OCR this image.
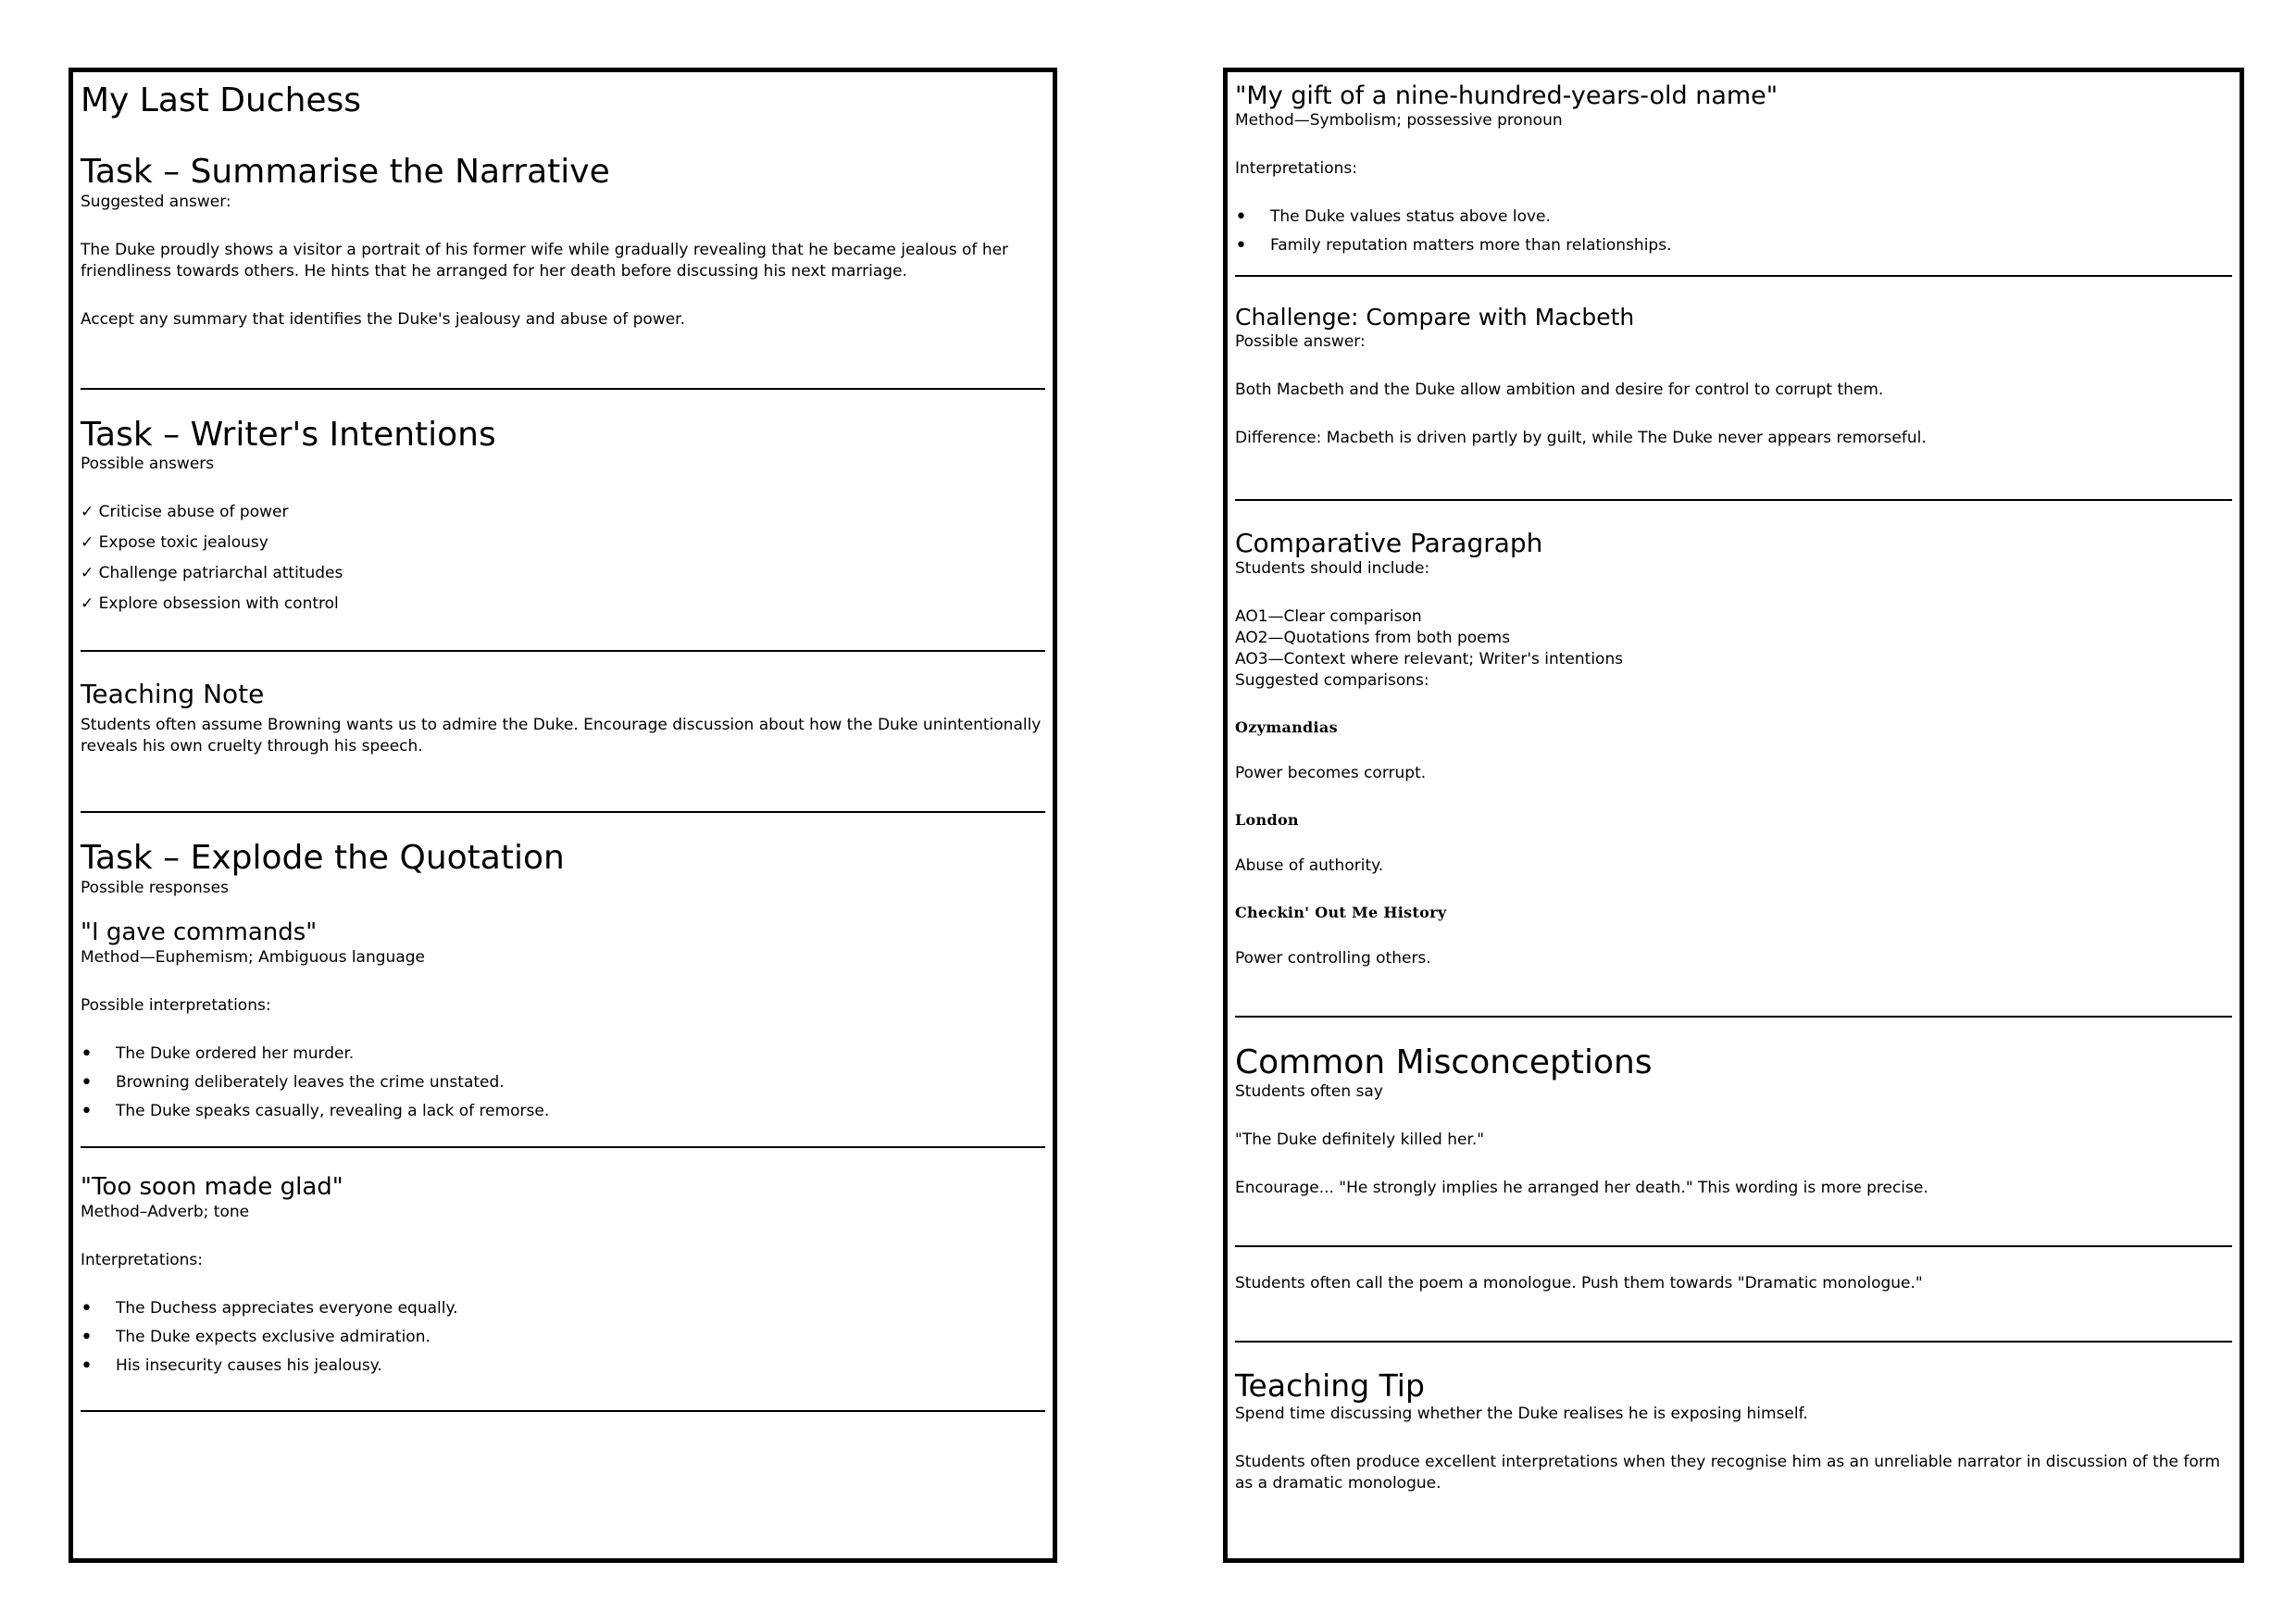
My Last Duchess
Task – Summarise the Narrative

Suggested answer:

The Duke proudly shows a visitor a portrait of his former wife while gradually revealing that he became jealous of her friendliness towards others. He hints that he arranged for her death before discussing his next marriage.

Accept any summary that identifies the Duke's jealousy and abuse of power.

Task – Writer's Intentions

Possible answers

✓ Criticise abuse of power
✓ Expose toxic jealousy
✓ Challenge patriarchal attitudes
✓ Explore obsession with control
Teaching Note

Students often assume Browning wants us to admire the Duke. Encourage discussion about how the Duke unintentionally reveals his own cruelty through his speech.

Task – Explode the Quotation

Possible responses

"I gave commands"

Method—Euphemism; Ambiguous language

Possible interpretations:

• The Duke ordered her murder.
• Browning deliberately leaves the crime unstated.
• The Duke speaks casually, revealing a lack of remorse.
"Too soon made glad"

Method–Adverb; tone

Interpretations:

• The Duchess appreciates everyone equally.
• The Duke expects exclusive admiration.
• His insecurity causes his jealousy.
"My gift of a nine-hundred-years-old name"

Method—Symbolism; possessive pronoun

Interpretations:

• The Duke values status above love.
• Family reputation matters more than relationships.
Challenge: Compare with Macbeth

Possible answer:

Both Macbeth and the Duke allow ambition and desire for control to corrupt them.

Difference: Macbeth is driven partly by guilt, while The Duke never appears remorseful.

Comparative Paragraph

Students should include:

AO1—Clear comparison

AO2—Quotations from both poems

AO3—Context where relevant; Writer's intentions

Suggested comparisons:

Ozymandias

Power becomes corrupt.

London

Abuse of authority.

Checkin' Out Me History

Power controlling others.

Common Misconceptions

Students often say

"The Duke definitely killed her."

Encourage... "He strongly implies he arranged her death." This wording is more precise.

Students often call the poem a monologue. Push them towards "Dramatic monologue."

Teaching Tip

Spend time discussing whether the Duke realises he is exposing himself.

Students often produce excellent interpretations when they recognise him as an unreliable narrator in discussion of the form as a dramatic monologue.
